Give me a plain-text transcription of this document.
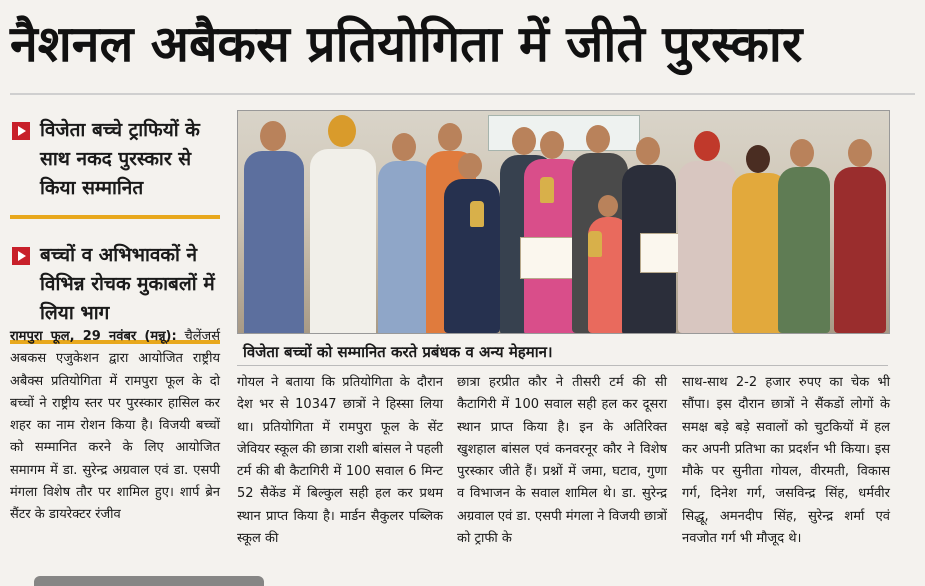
नैशनल अबैकस प्रतियोगिता में जीते पुरस्कार
विजेता बच्चे ट्राफियों के साथ नकद पुरस्कार से किया सम्मानित
बच्चों व अभिभावकों ने विभिन्न रोचक मुकाबलों में लिया भाग
विजेता बच्चों को सम्मानित करते प्रबंधक व अन्य मेहमान।

रामपुरा फूल, 29 नवंबर (मन्नू): चैलेंजर्स अबकस एजुकेशन द्वारा आयोजित राष्ट्रीय अबैक्स प्रतियोगिता में रामपुरा फूल के दो बच्चों ने राष्ट्रीय स्तर पर पुरस्कार हासिल कर शहर का नाम रोशन किया है। विजयी बच्चों को सम्मानित करने के लिए आयोजित समागम में डा. सुरेन्द्र अग्रवाल एवं डा. एसपी मंगला विशेष तौर पर शामिल हुए। शार्प ब्रेन सैंटर के डायरेक्टर रंजीव

गोयल ने बताया कि प्रतियोगिता के दौरान देश भर से 10347 छात्रों ने हिस्सा लिया था। प्रतियोगिता में रामपुरा फूल के सेंट जेवियर स्कूल की छात्रा राशी बांसल ने पहली टर्म की बी कैटागिरी में 100 सवाल 6 मिन्ट 52 सैकेंड में बिल्कुल सही हल कर प्रथम स्थान प्राप्त किया है। मार्डन सैकुलर पब्लिक स्कूल की

छात्रा हरप्रीत कौर ने तीसरी टर्म की सी कैटागिरी में 100 सवाल सही हल कर दूसरा स्थान प्राप्त किया है। इन के अतिरिक्त खुशहाल बांसल एवं कनवरनूर कौर ने विशेष पुरस्कार जीते हैं। प्रश्नों में जमा, घटाव, गुणा व विभाजन के सवाल शामिल थे। डा. सुरेन्द्र अग्रवाल एवं डा. एसपी मंगला ने विजयी छात्रों को ट्राफी के

साथ-साथ 2-2 हजार रुपए का चेक भी सौंपा। इस दौरान छात्रों ने सैंकडों लोगों के समक्ष बड़े बड़े सवालों को चुटकियों में हल कर अपनी प्रतिभा का प्रदर्शन भी किया। इस मौके पर सुनीता गोयल, वीरमती, विकास गर्ग, दिनेश गर्ग, जसविन्द्र सिंह, धर्मवीर सिद्धू, अमनदीप सिंह, सुरेन्द्र शर्मा एवं नवजोत गर्ग भी मौजूद थे।
